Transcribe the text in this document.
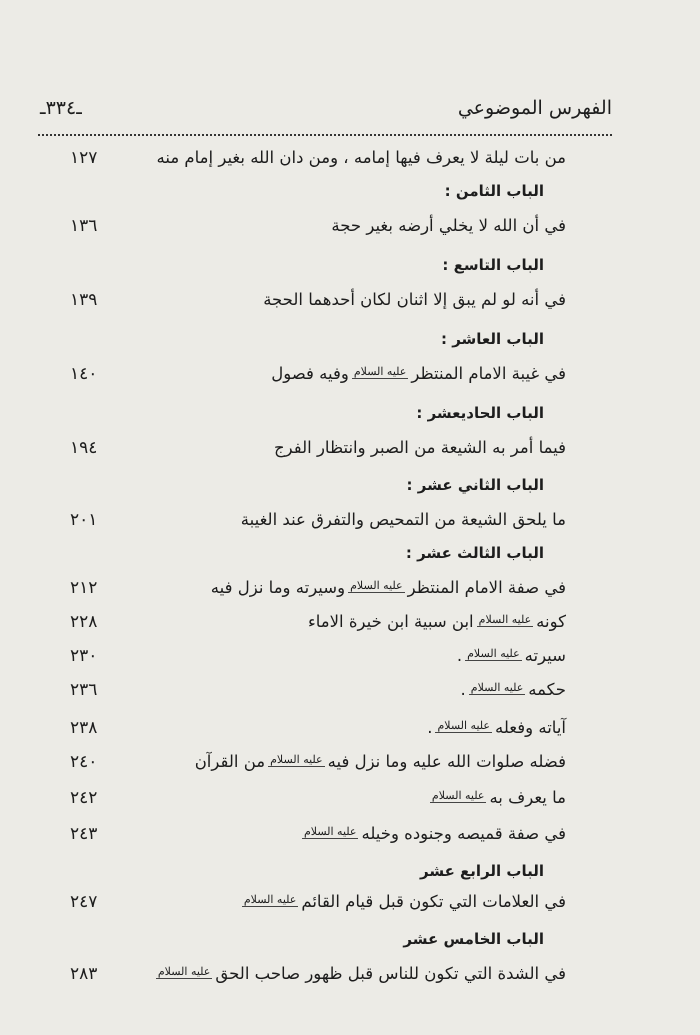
الفهرس الموضوعي
ـ٣٣٤ـ
من بات ليلة لا يعرف فيها إمامه ، ومن دان الله بغير إمام منه
١٢٧
الباب الثامن :
في أن الله لا يخلي أرضه بغير حجة
١٣٦
الباب التاسع :
في أنه لو لم يبق إلا اثنان لكان أحدهما الحجة
١٣٩
الباب العاشر :
في غيبة الامام المنتظرعليه السلاموفيه فصول
١٤٠
الباب الحاديعشر :
فيما أمر به الشيعة من الصبر وانتظار الفرج
١٩٤
الباب الثاني عشر :
ما يلحق الشيعة من التمحيص والتفرق عند الغيبة
٢٠١
الباب الثالث عشر :
في صفة الامام المنتظرعليه السلاموسيرته وما نزل فيه
٢١٢
كونهعليه السلامابن سبية ابن خيرة الاماء
٢٢٨
سيرتهعليه السلام.
٢٣٠
حكمهعليه السلام.
٢٣٦
آياته وفعلهعليه السلام.
٢٣٨
فضله صلوات الله عليه وما نزل فيهعليه السلاممن القرآن
٢٤٠
ما يعرف بهعليه السلام
٢٤٢
في صفة قميصه وجنوده وخيلهعليه السلام
٢٤٣
الباب الرابع عشر
في العلامات التي تكون قبل قيام القائمعليه السلام
٢٤٧
الباب الخامس عشر
في الشدة التي تكون للناس قبل ظهور صاحب الحقعليه السلام
٢٨٣
